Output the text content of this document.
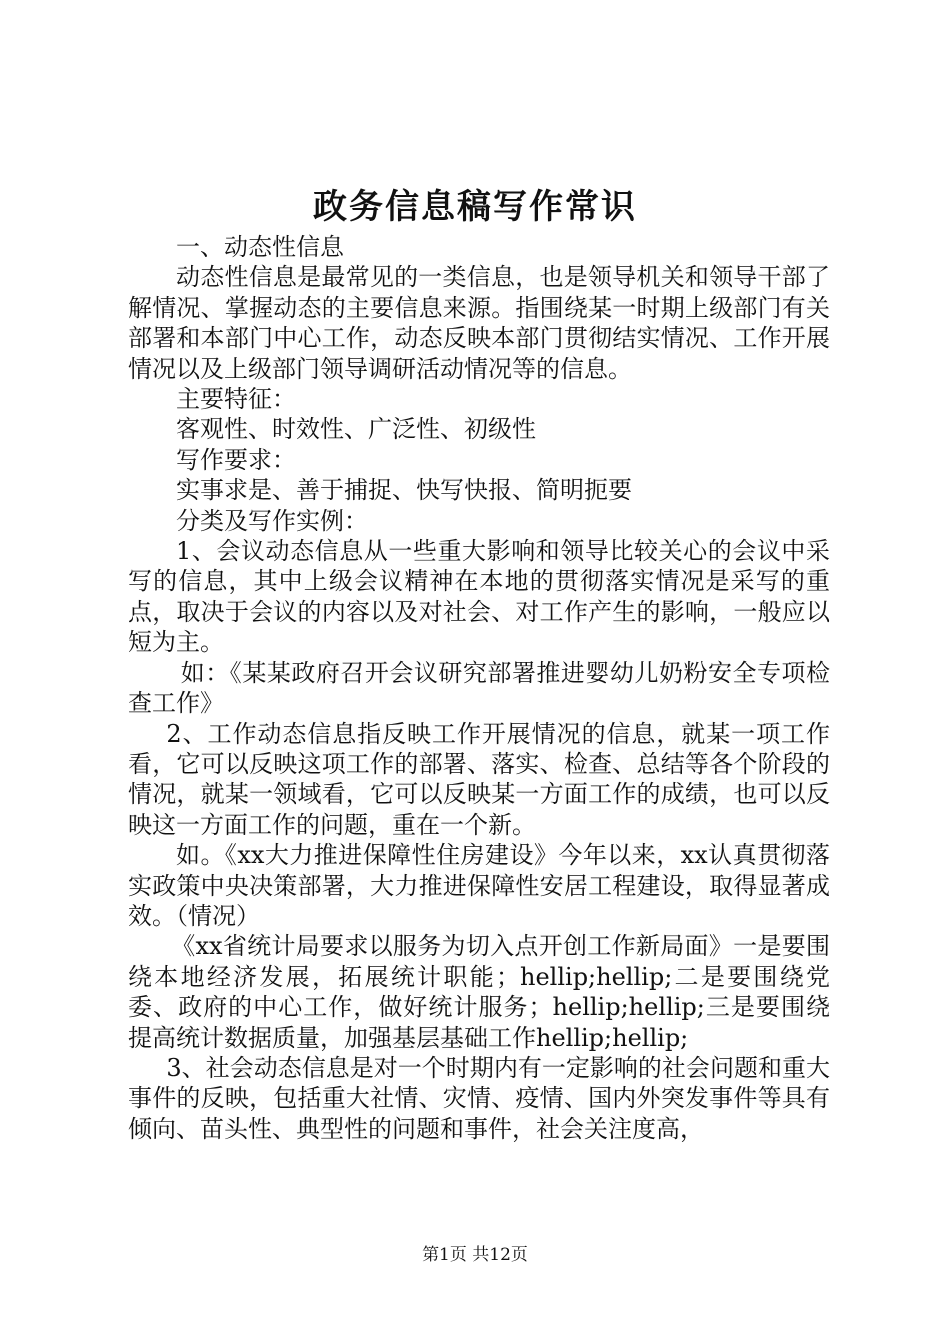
政务信息稿写作常识

一、动态性信息

动态性信息是最常见的一类信息，也是领导机关和领导干部了解情况、掌握动态的主要信息来源。指围绕某一时期上级部门有关部署和本部门中心工作，动态反映本部门贯彻结实情况、工作开展情况以及上级部门领导调研活动情况等的信息。

主要特征：

客观性、时效性、广泛性、初级性

写作要求：

实事求是、善于捕捉、快写快报、简明扼要

分类及写作实例：

1、会议动态信息从一些重大影响和领导比较关心的会议中采写的信息，其中上级会议精神在本地的贯彻落实情况是采写的重点，取决于会议的内容以及对社会、对工作产生的影响，一般应以短为主。

如：《某某政府召开会议研究部署推进婴幼儿奶粉安全专项检查工作》

2、工作动态信息指反映工作开展情况的信息，就某一项工作看，它可以反映这项工作的部署、落实、检查、总结等各个阶段的情况，就某一领域看，它可以反映某一方面工作的成绩，也可以反映这一方面工作的问题，重在一个新。

如。《xx大力推进保障性住房建设》今年以来，xx认真贯彻落实政策中央决策部署，大力推进保障性安居工程建设，取得显著成效。（情况）

《xx省统计局要求以服务为切入点开创工作新局面》一是要围绕本地经济发展，拓展统计职能；hellip;hellip;二是要围绕党委、政府的中心工作，做好统计服务；hellip;hellip;三是要围绕提高统计数据质量，加强基层基础工作hellip;hellip;

3、社会动态信息是对一个时期内有一定影响的社会问题和重大事件的反映，包括重大社情、灾情、疫情、国内外突发事件等具有倾向、苗头性、典型性的问题和事件，社会关注度高，

第1页 共12页
